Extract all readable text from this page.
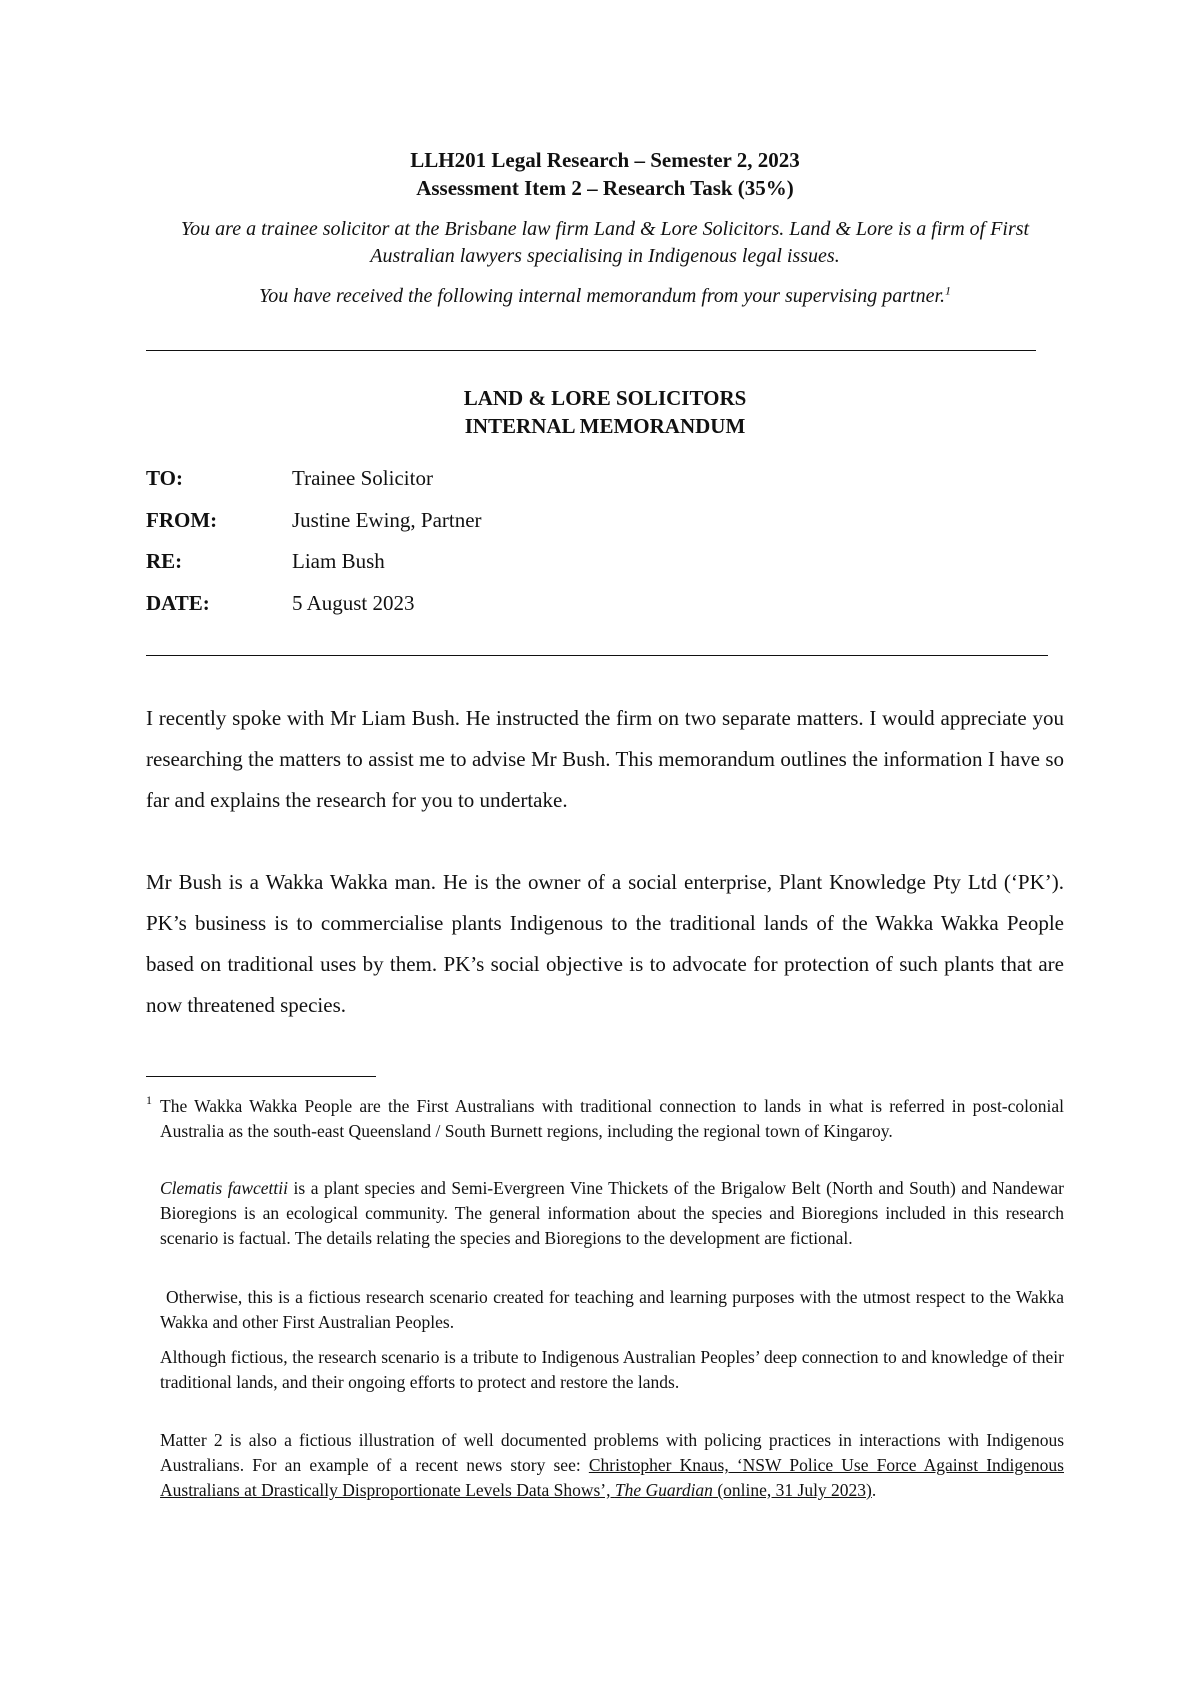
LLH201 Legal Research – Semester 2, 2023
Assessment Item 2 – Research Task (35%)
You are a trainee solicitor at the Brisbane law firm Land & Lore Solicitors. Land & Lore is a firm of First Australian lawyers specialising in Indigenous legal issues.
You have received the following internal memorandum from your supervising partner.$^1$
LAND & LORE SOLICITORS
INTERNAL MEMORANDUM
TO:	Trainee Solicitor
FROM:	Justine Ewing, Partner
RE:	Liam Bush
DATE:	5 August 2023
I recently spoke with Mr Liam Bush. He instructed the firm on two separate matters. I would appreciate you researching the matters to assist me to advise Mr Bush. This memorandum outlines the information I have so far and explains the research for you to undertake.
Mr Bush is a Wakka Wakka man. He is the owner of a social enterprise, Plant Knowledge Pty Ltd (‘PK’). PK’s business is to commercialise plants Indigenous to the traditional lands of the Wakka Wakka People based on traditional uses by them. PK’s social objective is to advocate for protection of such plants that are now threatened species.
1 The Wakka Wakka People are the First Australians with traditional connection to lands in what is referred in post-colonial Australia as the south-east Queensland / South Burnett regions, including the regional town of Kingaroy.
Clematis fawcettii is a plant species and Semi-Evergreen Vine Thickets of the Brigalow Belt (North and South) and Nandewar Bioregions is an ecological community. The general information about the species and Bioregions included in this research scenario is factual. The details relating the species and Bioregions to the development are fictional.
Otherwise, this is a fictious research scenario created for teaching and learning purposes with the utmost respect to the Wakka Wakka and other First Australian Peoples.
Although fictious, the research scenario is a tribute to Indigenous Australian Peoples’ deep connection to and knowledge of their traditional lands, and their ongoing efforts to protect and restore the lands.
Matter 2 is also a fictious illustration of well documented problems with policing practices in interactions with Indigenous Australians. For an example of a recent news story see: Christopher Knaus, ‘NSW Police Use Force Against Indigenous Australians at Drastically Disproportionate Levels Data Shows’, The Guardian (online, 31 July 2023).
